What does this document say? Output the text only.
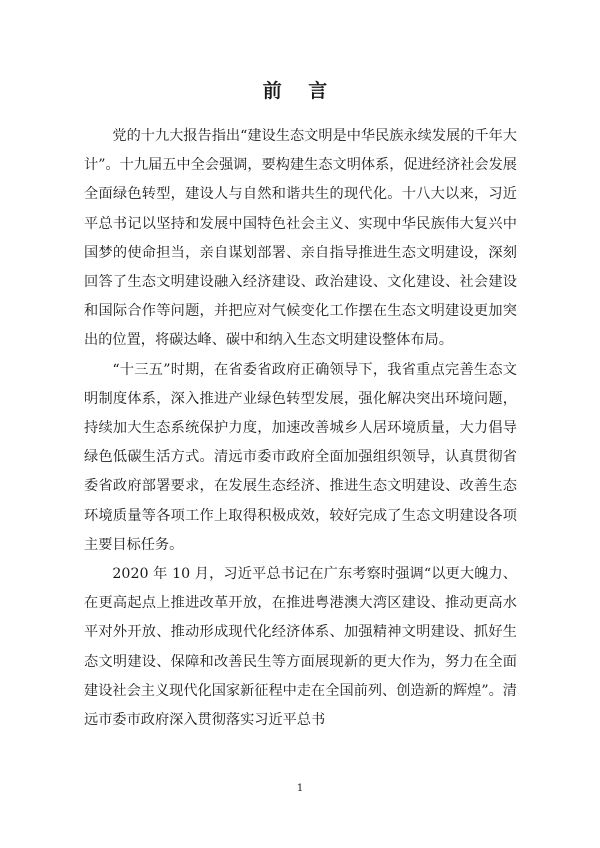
前 言

党的十九大报告指出“建设生态文明是中华民族永续发展的千年大计”。十九届五中全会强调，要构建生态文明体系，促进经济社会发展全面绿色转型，建设人与自然和谐共生的现代化。十八大以来，习近平总书记以坚持和发展中国特色社会主义、实现中华民族伟大复兴中国梦的使命担当，亲自谋划部署、亲自指导推进生态文明建设，深刻回答了生态文明建设融入经济建设、政治建设、文化建设、社会建设和国际合作等问题，并把应对气候变化工作摆在生态文明建设更加突出的位置，将碳达峰、碳中和纳入生态文明建设整体布局。

“十三五”时期，在省委省政府正确领导下，我省重点完善生态文明制度体系，深入推进产业绿色转型发展，强化解决突出环境问题，持续加大生态系统保护力度，加速改善城乡人居环境质量，大力倡导绿色低碳生活方式。清远市委市政府全面加强组织领导，认真贯彻省委省政府部署要求，在发展生态经济、推进生态文明建设、改善生态环境质量等各项工作上取得积极成效，较好完成了生态文明建设各项主要目标任务。

2020 年 10 月，习近平总书记在广东考察时强调“以更大魄力、在更高起点上推进改革开放，在推进粤港澳大湾区建设、推动更高水平对外开放、推动形成现代化经济体系、加强精神文明建设、抓好生态文明建设、保障和改善民生等方面展现新的更大作为，努力在全面建设社会主义现代化国家新征程中走在全国前列、创造新的辉煌”。清远市委市政府深入贯彻落实习近平总书

1
